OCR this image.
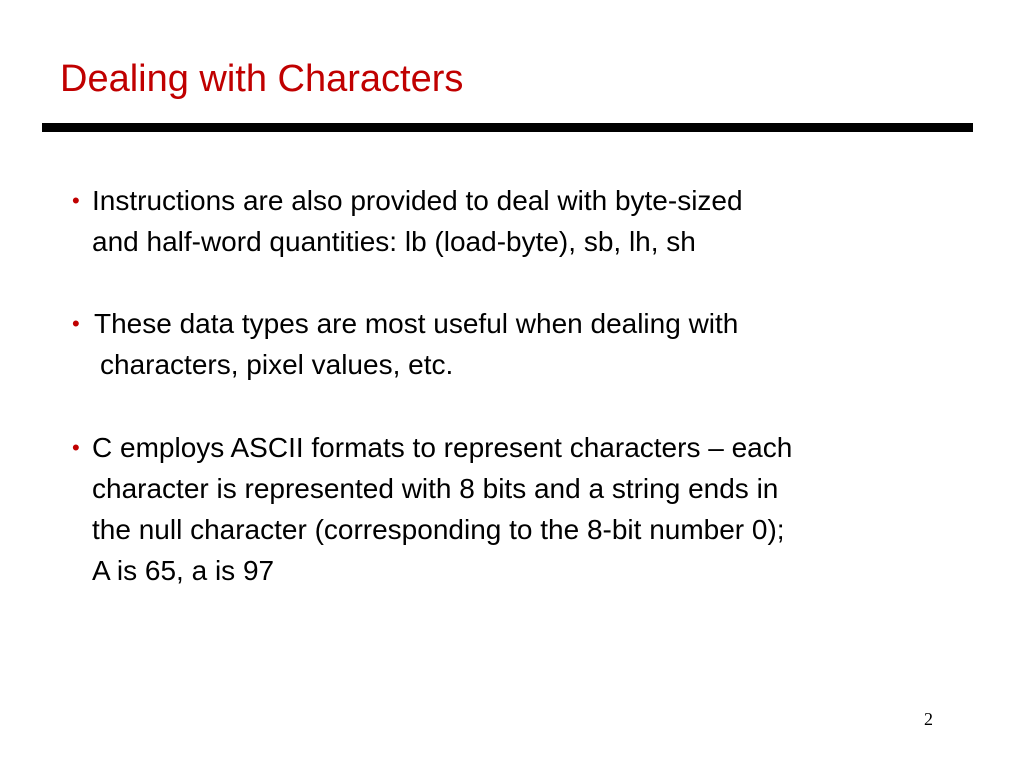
Dealing with Characters
• Instructions are also provided to deal with byte-sized
and half-word quantities: lb (load-byte), sb, lh, sh
• These data types are most useful when dealing with
characters, pixel values, etc.
• C employs ASCII formats to represent characters – each
character is represented with 8 bits and a string ends in
the null character (corresponding to the 8-bit number 0);
A is 65, a is 97
2
